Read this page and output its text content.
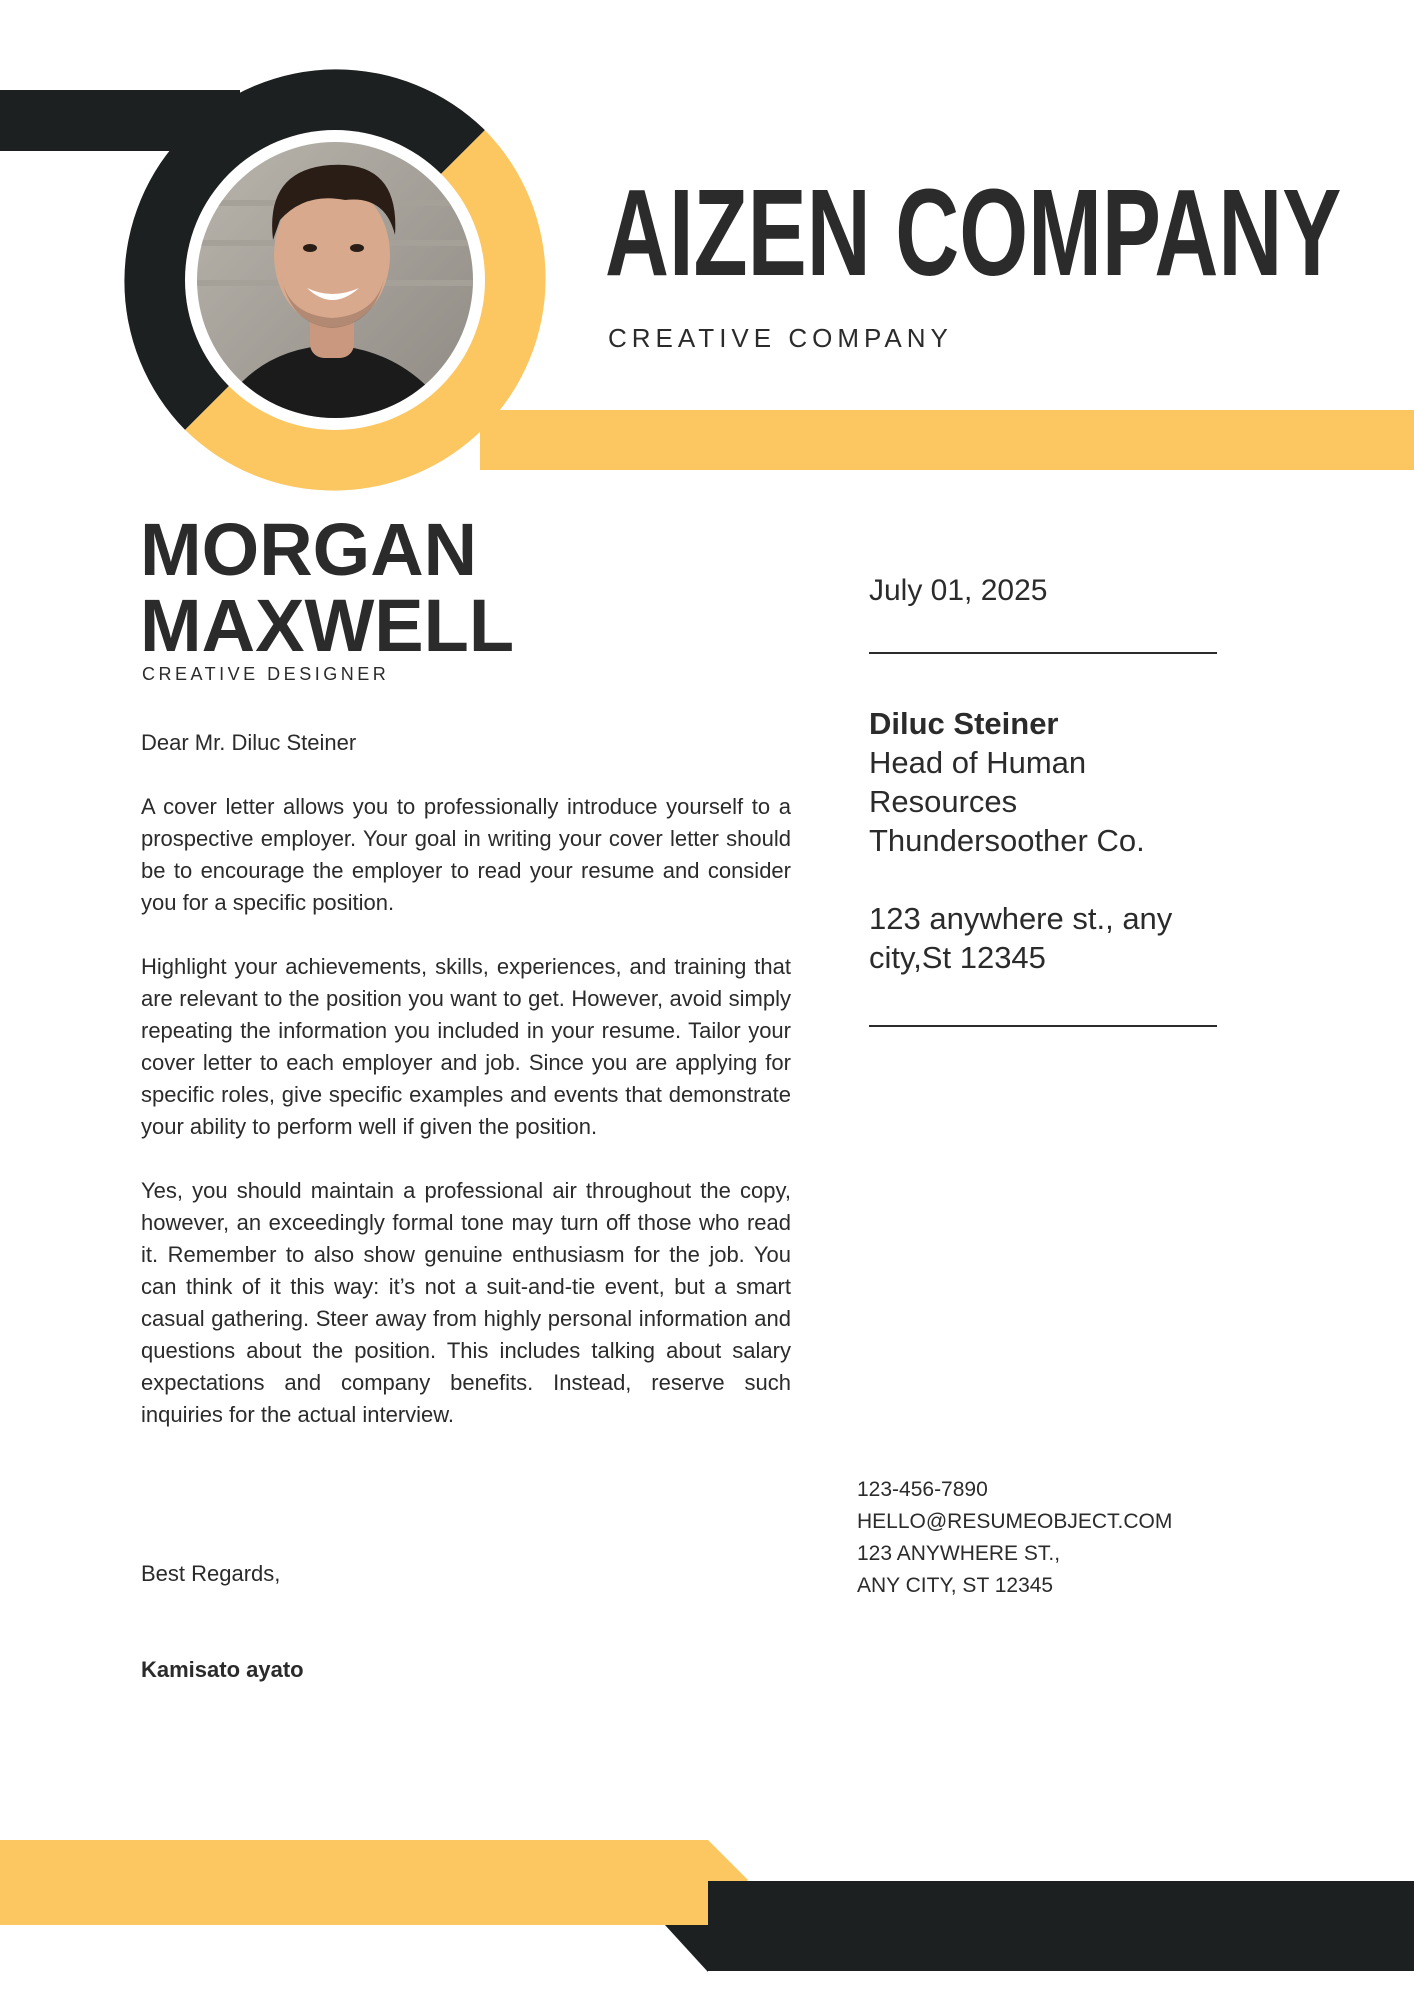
AIZEN COMPANY
CREATIVE COMPANY
MORGAN
MAXWELL
CREATIVE DESIGNER

Dear Mr. Diluc Steiner

A cover letter allows you to professionally introduce yourself to a prospective employer. Your goal in writing your cover letter should be to encourage the employer to read your resume and consider you for a specific position.

Highlight your achievements, skills, experiences, and training that are relevant to the position you want to get. However, avoid simply repeating the information you included in your resume. Tailor your cover letter to each employer and job. Since you are applying for specific roles, give specific examples and events that demonstrate your ability to perform well if given the position.

Yes, you should maintain a professional air throughout the copy, however, an exceedingly formal tone may turn off those who read it. Remember to also show genuine enthusiasm for the job. You can think of it this way: it’s not a suit-and-tie event, but a smart casual gathering. Steer away from highly personal information and questions about the position. This includes talking about salary expectations and company benefits. Instead, reserve such inquiries for the actual interview.

Best Regards,
Kamisato ayato
July 01, 2025
Diluc Steiner
Head of Human Resources
Thundersoother Co.
123 anywhere st., any city,St 12345
123-456-7890
HELLO@RESUMEOBJECT.COM
123 ANYWHERE ST.,
ANY CITY, ST 12345
